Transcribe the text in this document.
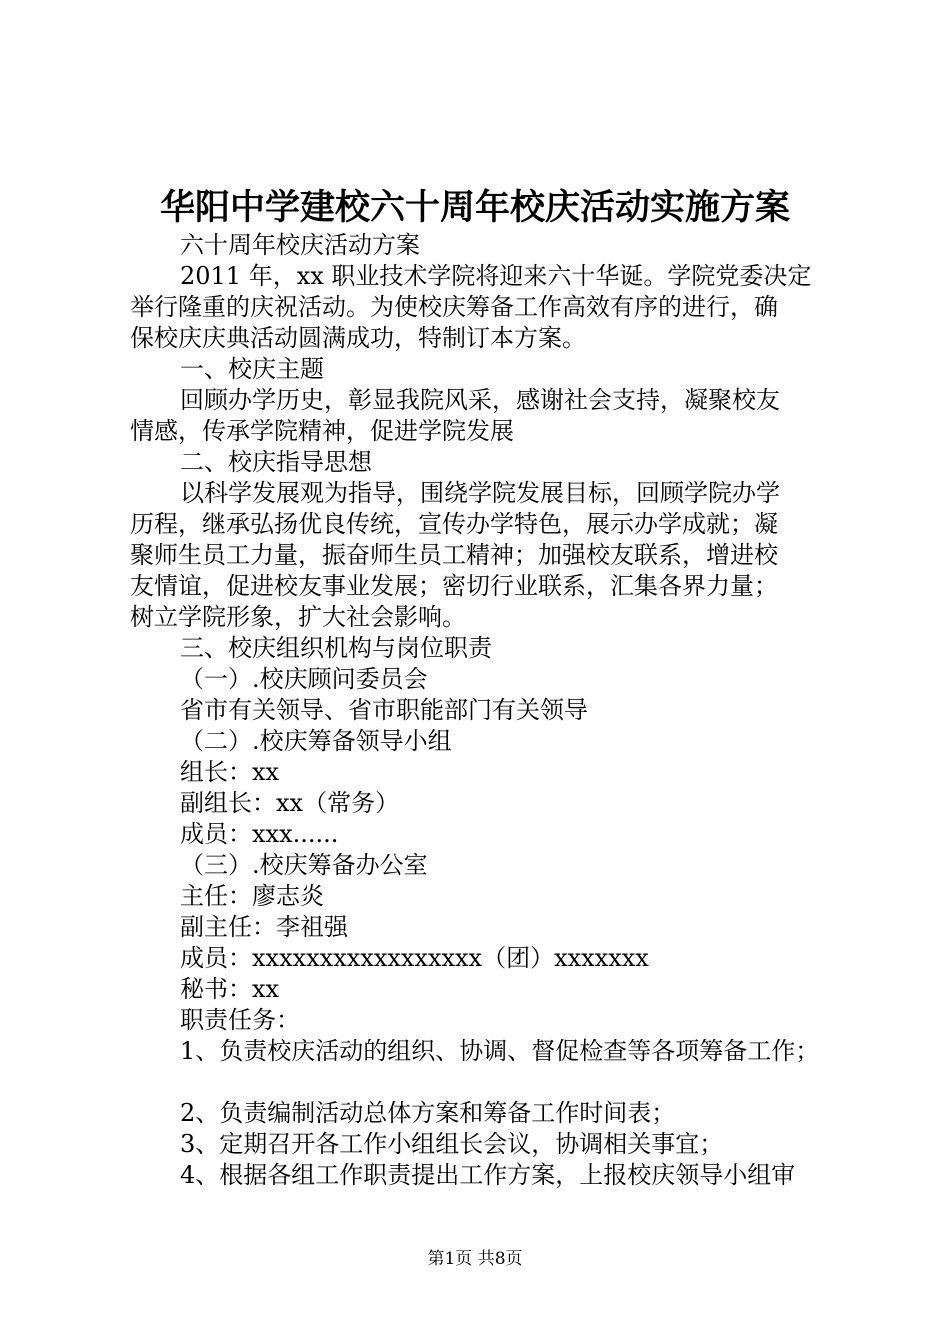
华阳中学建校六十周年校庆活动实施方案
六十周年校庆活动方案
2011 年，xx 职业技术学院将迎来六十华诞。学院党委决定
举行隆重的庆祝活动。为使校庆筹备工作高效有序的进行，确
保校庆庆典活动圆满成功，特制订本方案。
一、校庆主题
回顾办学历史，彰显我院风采，感谢社会支持，凝聚校友
情感，传承学院精神，促进学院发展
二、校庆指导思想
以科学发展观为指导，围绕学院发展目标，回顾学院办学
历程，继承弘扬优良传统，宣传办学特色，展示办学成就；凝
聚师生员工力量，振奋师生员工精神；加强校友联系，增进校
友情谊，促进校友事业发展；密切行业联系，汇集各界力量；
树立学院形象，扩大社会影响。
三、校庆组织机构与岗位职责
（一）.校庆顾问委员会
省市有关领导、省市职能部门有关领导
（二）.校庆筹备领导小组
组长：xx
副组长：xx（常务）
成员：xxx......
（三）.校庆筹备办公室
主任：廖志炎
副主任：李祖强
成员：xxxxxxxxxxxxxxxxx（团）xxxxxxx
秘书：xx
职责任务：
1、负责校庆活动的组织、协调、督促检查等各项筹备工作；
2、负责编制活动总体方案和筹备工作时间表；
3、定期召开各工作小组组长会议，协调相关事宜；
4、根据各组工作职责提出工作方案，上报校庆领导小组审
第1页 共8页
